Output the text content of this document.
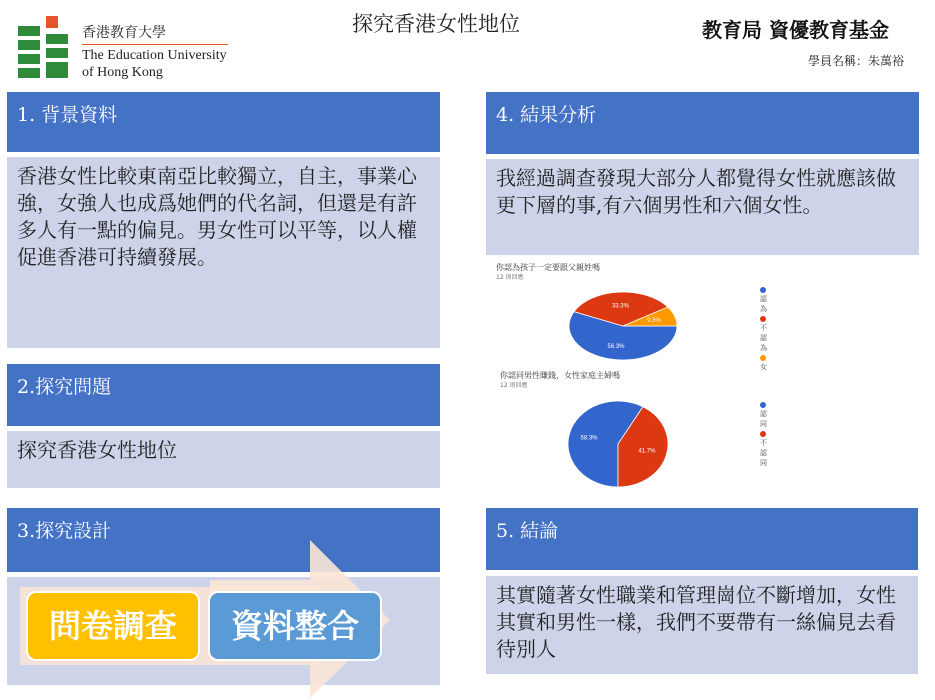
香港教育大學
The Education University
of Hong Kong
探究香港女性地位	教育局 資優教育基金
學員名稱：朱萬裕
1. 背景資料
香港女性比較東南亞比較獨立，自主，事業心強，女強人也成爲她們的代名詞，但還是有許多人有一點的偏見。男女性可以平等，以人權促進香港可持續發展。
2.探究問題
探究香港女性地位
3.探究設計
問卷調查	資料整合
4. 結果分析
我經過調查發現大部分人都覺得女性就應該做更下層的事,有六個男性和六個女性。
你認為孩子一定要跟父親姓嗎
12 則回應
56.3%
33.3%
9.3%
認為
不認為
女
你認同男性賺錢，女性家庭主婦嗎
12 則回應
58.3%
41.7%
認同
不認同
5. 結論
其實隨著女性職業和管理崗位不斷增加，女性其實和男性一樣，我們不要帶有一絲偏見去看待別人
